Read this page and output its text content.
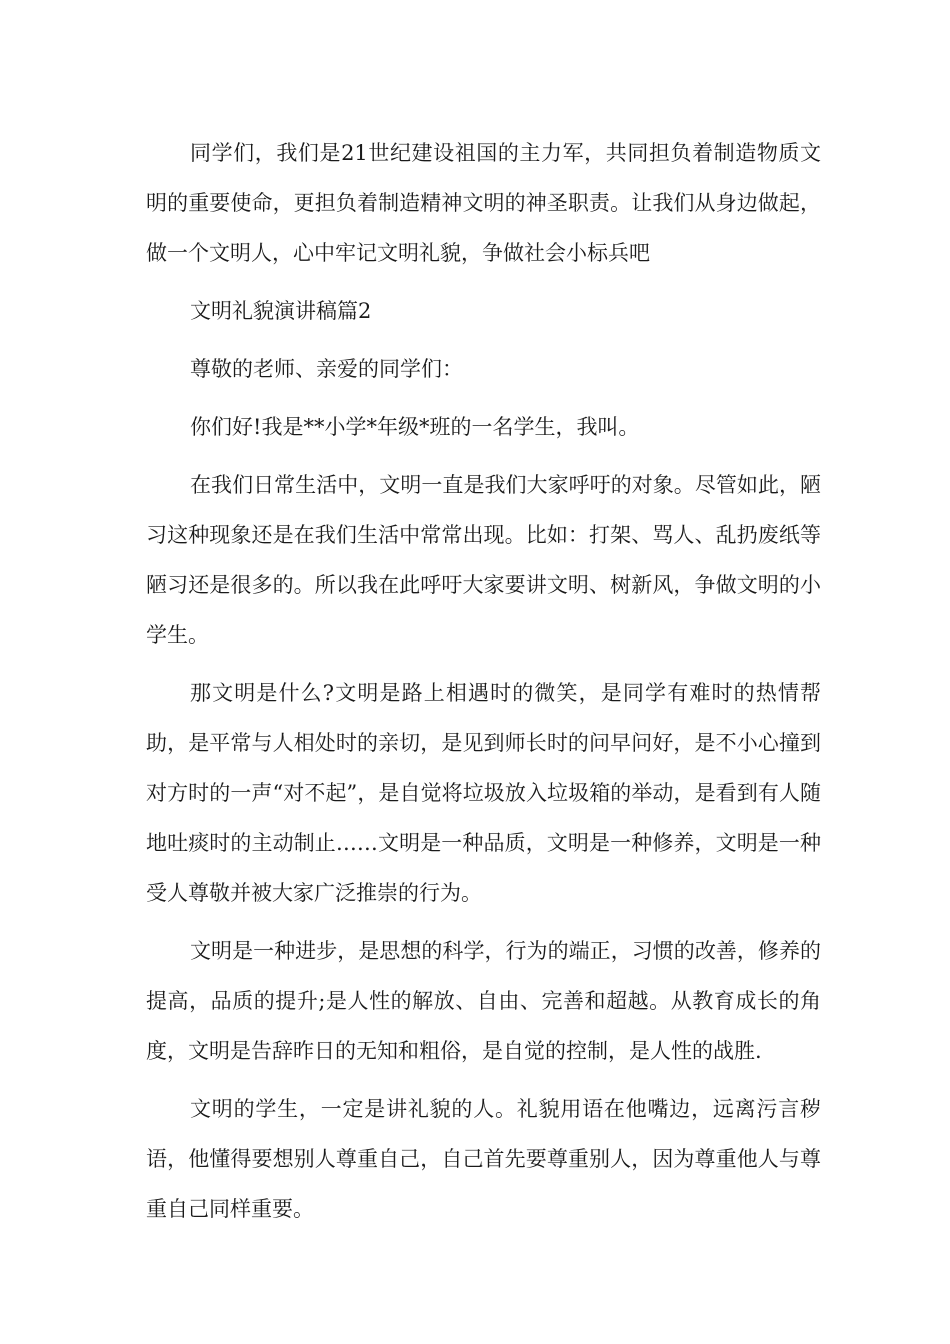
同学们，我们是21世纪建设祖国的主力军，共同担负着制造物质文明的重要使命，更担负着制造精神文明的神圣职责。让我们从身边做起，做一个文明人，心中牢记文明礼貌，争做社会小标兵吧

文明礼貌演讲稿篇2

尊敬的老师、亲爱的同学们：

你们好!我是**小学*年级*班的一名学生，我叫。

在我们日常生活中，文明一直是我们大家呼吁的对象。尽管如此，陋习这种现象还是在我们生活中常常出现。比如：打架、骂人、乱扔废纸等陋习还是很多的。所以我在此呼吁大家要讲文明、树新风，争做文明的小学生。

那文明是什么?文明是路上相遇时的微笑，是同学有难时的热情帮助，是平常与人相处时的亲切，是见到师长时的问早问好，是不小心撞到对方时的一声“对不起”，是自觉将垃圾放入垃圾箱的举动，是看到有人随地吐痰时的主动制止……文明是一种品质，文明是一种修养，文明是一种受人尊敬并被大家广泛推崇的行为。

文明是一种进步，是思想的科学，行为的端正，习惯的改善，修养的提高，品质的提升;是人性的解放、自由、完善和超越。从教育成长的角度，文明是告辞昨日的无知和粗俗，是自觉的控制，是人性的战胜.

文明的学生，一定是讲礼貌的人。礼貌用语在他嘴边，远离污言秽语，他懂得要想别人尊重自己，自己首先要尊重别人，因为尊重他人与尊重自己同样重要。
